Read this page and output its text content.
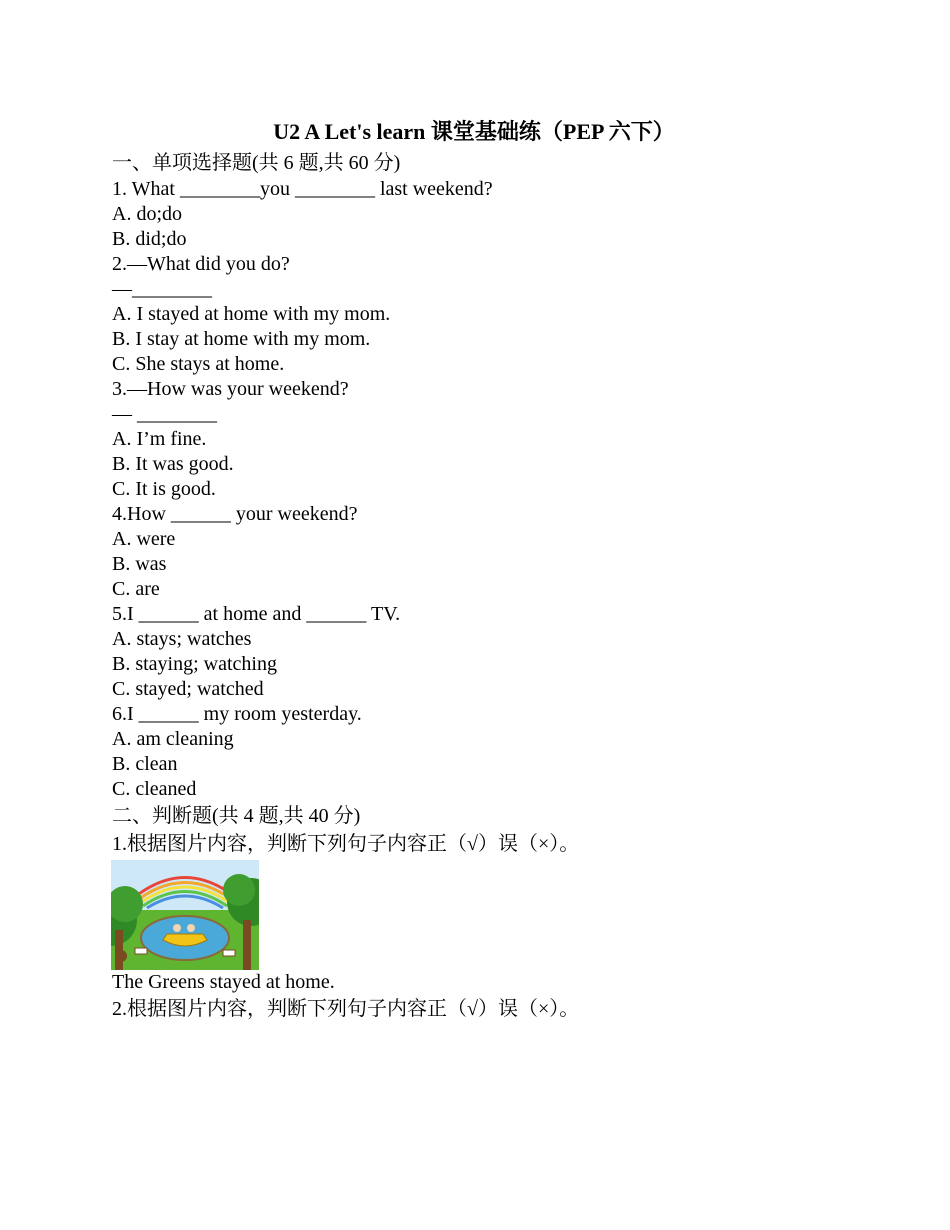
U2 A Let's learn 课堂基础练（PEP 六下）

一、单项选择题(共 6 题,共 60 分)

1. What ________you ________ last weekend?

A. do;do

B. did;do

2.—What did you do?

—________

A. I stayed at home with my mom.

B. I stay at home with my mom.

C. She stays at home.

3.—How was your weekend?

— ________

A. I’m fine.

B. It was good.

C. It is good.

4.How ______ your weekend?

A. were

B. was

C. are

5.I ______ at home and ______ TV.

A. stays; watches

B. staying; watching

C. stayed; watched

6.I ______ my room yesterday.

A. am cleaning

B. clean

C. cleaned

二、判断题(共 4 题,共 40 分)

1.根据图片内容，判断下列句子内容正（√）误（×）。

The Greens stayed at home.

2.根据图片内容，判断下列句子内容正（√）误（×）。
